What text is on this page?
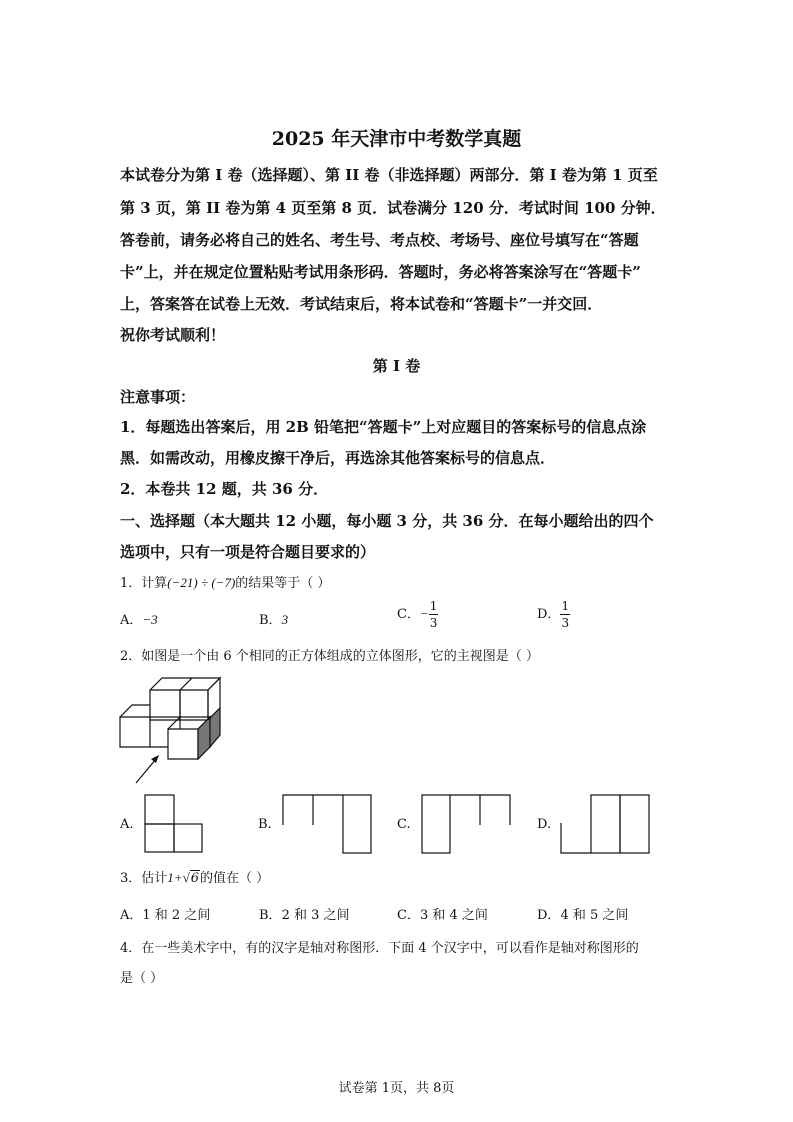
2025 年天津市中考数学真题
本试卷分为第 I 卷（选择题）、第 II 卷（非选择题）两部分．第 I 卷为第 1 页至
第 3 页，第 II 卷为第 4 页至第 8 页．试卷满分 120 分．考试时间 100 分钟．
答卷前，请务必将自己的姓名、考生号、考点校、考场号、座位号填写在“答题
卡”上，并在规定位置粘贴考试用条形码．答题时，务必将答案涂写在“答题卡”
上，答案答在试卷上无效．考试结束后，将本试卷和“答题卡”一并交回．
祝你考试顺利！
第 I 卷
注意事项：
1．每题选出答案后，用 2B 铅笔把“答题卡”上对应题目的答案标号的信息点涂
黑．如需改动，用橡皮擦干净后，再选涂其他答案标号的信息点．
2．本卷共 12 题，共 36 分．
一、选择题（本大题共 12 小题，每小题 3 分，共 36 分．在每小题给出的四个
选项中，只有一项是符合题目要求的）
1．计算(−21) ÷ (−7)的结果等于（ ）
A．−3	B．3	C．− $\frac{1}{3}$	D． $\frac{1}{3}$
2．如图是一个由 6 个相同的正方体组成的立体图形，它的主视图是（ ）
A.	B.	C.	D.
3．估计1+√6的值在（ ）
A．1 和 2 之间	B．2 和 3 之间	C．3 和 4 之间	D．4 和 5 之间
4．在一些美术字中，有的汉字是轴对称图形．下面 4 个汉字中，可以看作是轴对称图形的
是（ ）
试卷第 1页，共 8页
